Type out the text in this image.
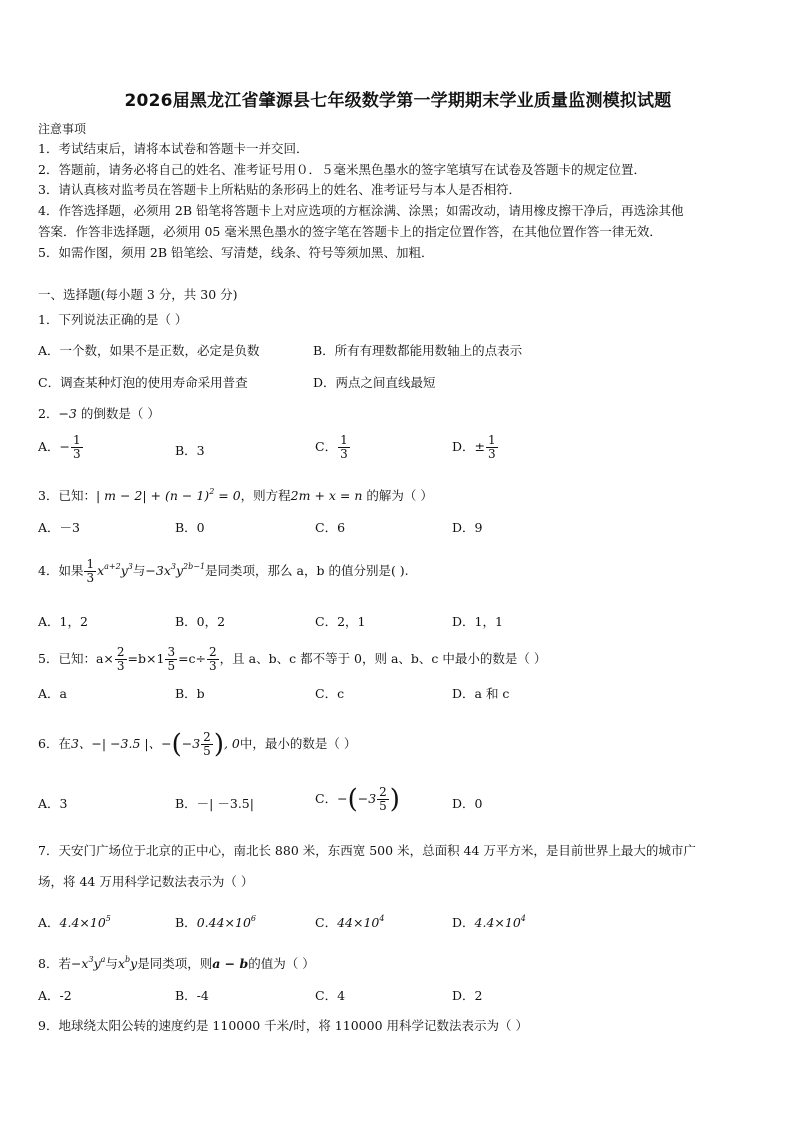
2026届黑龙江省肇源县七年级数学第一学期期末学业质量监测模拟试题
注意事项
1．考试结束后，请将本试卷和答题卡一并交回．
2．答题前，请务必将自己的姓名、准考证号用０．５毫米黑色墨水的签字笔填写在试卷及答题卡的规定位置．
3．请认真核对监考员在答题卡上所粘贴的条形码上的姓名、准考证号与本人是否相符．
4．作答选择题，必须用 2B 铅笔将答题卡上对应选项的方框涂满、涂黑；如需改动，请用橡皮擦干净后，再选涂其他
答案．作答非选择题，必须用 05 毫米黑色墨水的签字笔在答题卡上的指定位置作答，在其他位置作答一律无效．
5．如需作图，须用 2B 铅笔绘、写清楚，线条、符号等须加黑、加粗．
一、选择题(每小题 3 分，共 30 分)
1．下列说法正确的是（ ）
A．一个数，如果不是正数，必定是负数	B．所有有理数都能用数轴上的点表示
C．调查某种灯泡的使用寿命采用普查	D．两点之间直线最短
2．−3 的倒数是（ ）
A．− $\frac{1}{3}$	B．3	C． $\frac{1}{3}$	D．± $\frac{1}{3}$
3．已知：| $m - 2| + (n - 1)^2 = 0$，则方程2m + x = n 的解为（ ）
A．－3	B．0	C．6	D．9
4．如果 $\frac{1}{3} x^{a+2}y^3$与$-3x^3y^{2b-1}$是同类项，那么 a，b 的值分别是( ).
A．1，2	B．0，2	C．2，1	D．1，1
5．已知：$a\times \frac{2}{3} =b\times 1 \frac{3}{5} =c\div \frac{2}{3}$ ，且 a、b、c 都不等于 0，则 a、b、c 中最小的数是（ ）
A．a	B．b	C．c	D．a 和 c
6．在3、−| −3.5 |、$-(-3 \frac{2}{5}$ ), 0中，最小的数是（ ）
A．3	B．－| －3.5|	C．$-(-3 \frac{2}{5}$ )	D．0
7．天安门广场位于北京的正中心，南北长 880 米，东西宽 500 米，总面积 44 万平方米，是目前世界上最大的城市广
场，将 44 万用科学记数法表示为（ ）
A．$4.4\times 10^5$	B．$0.44\times 10^6$	C．$44\times 10^4$	D．$4.4\times 10^4$
8．若$-x^3y^a$与$x^by$是同类项，则a − b的值为（ ）
A．-2	B．-4	C．4	D．2
9．地球绕太阳公转的速度约是 110000 千米/时，将 110000 用科学记数法表示为（ ）
